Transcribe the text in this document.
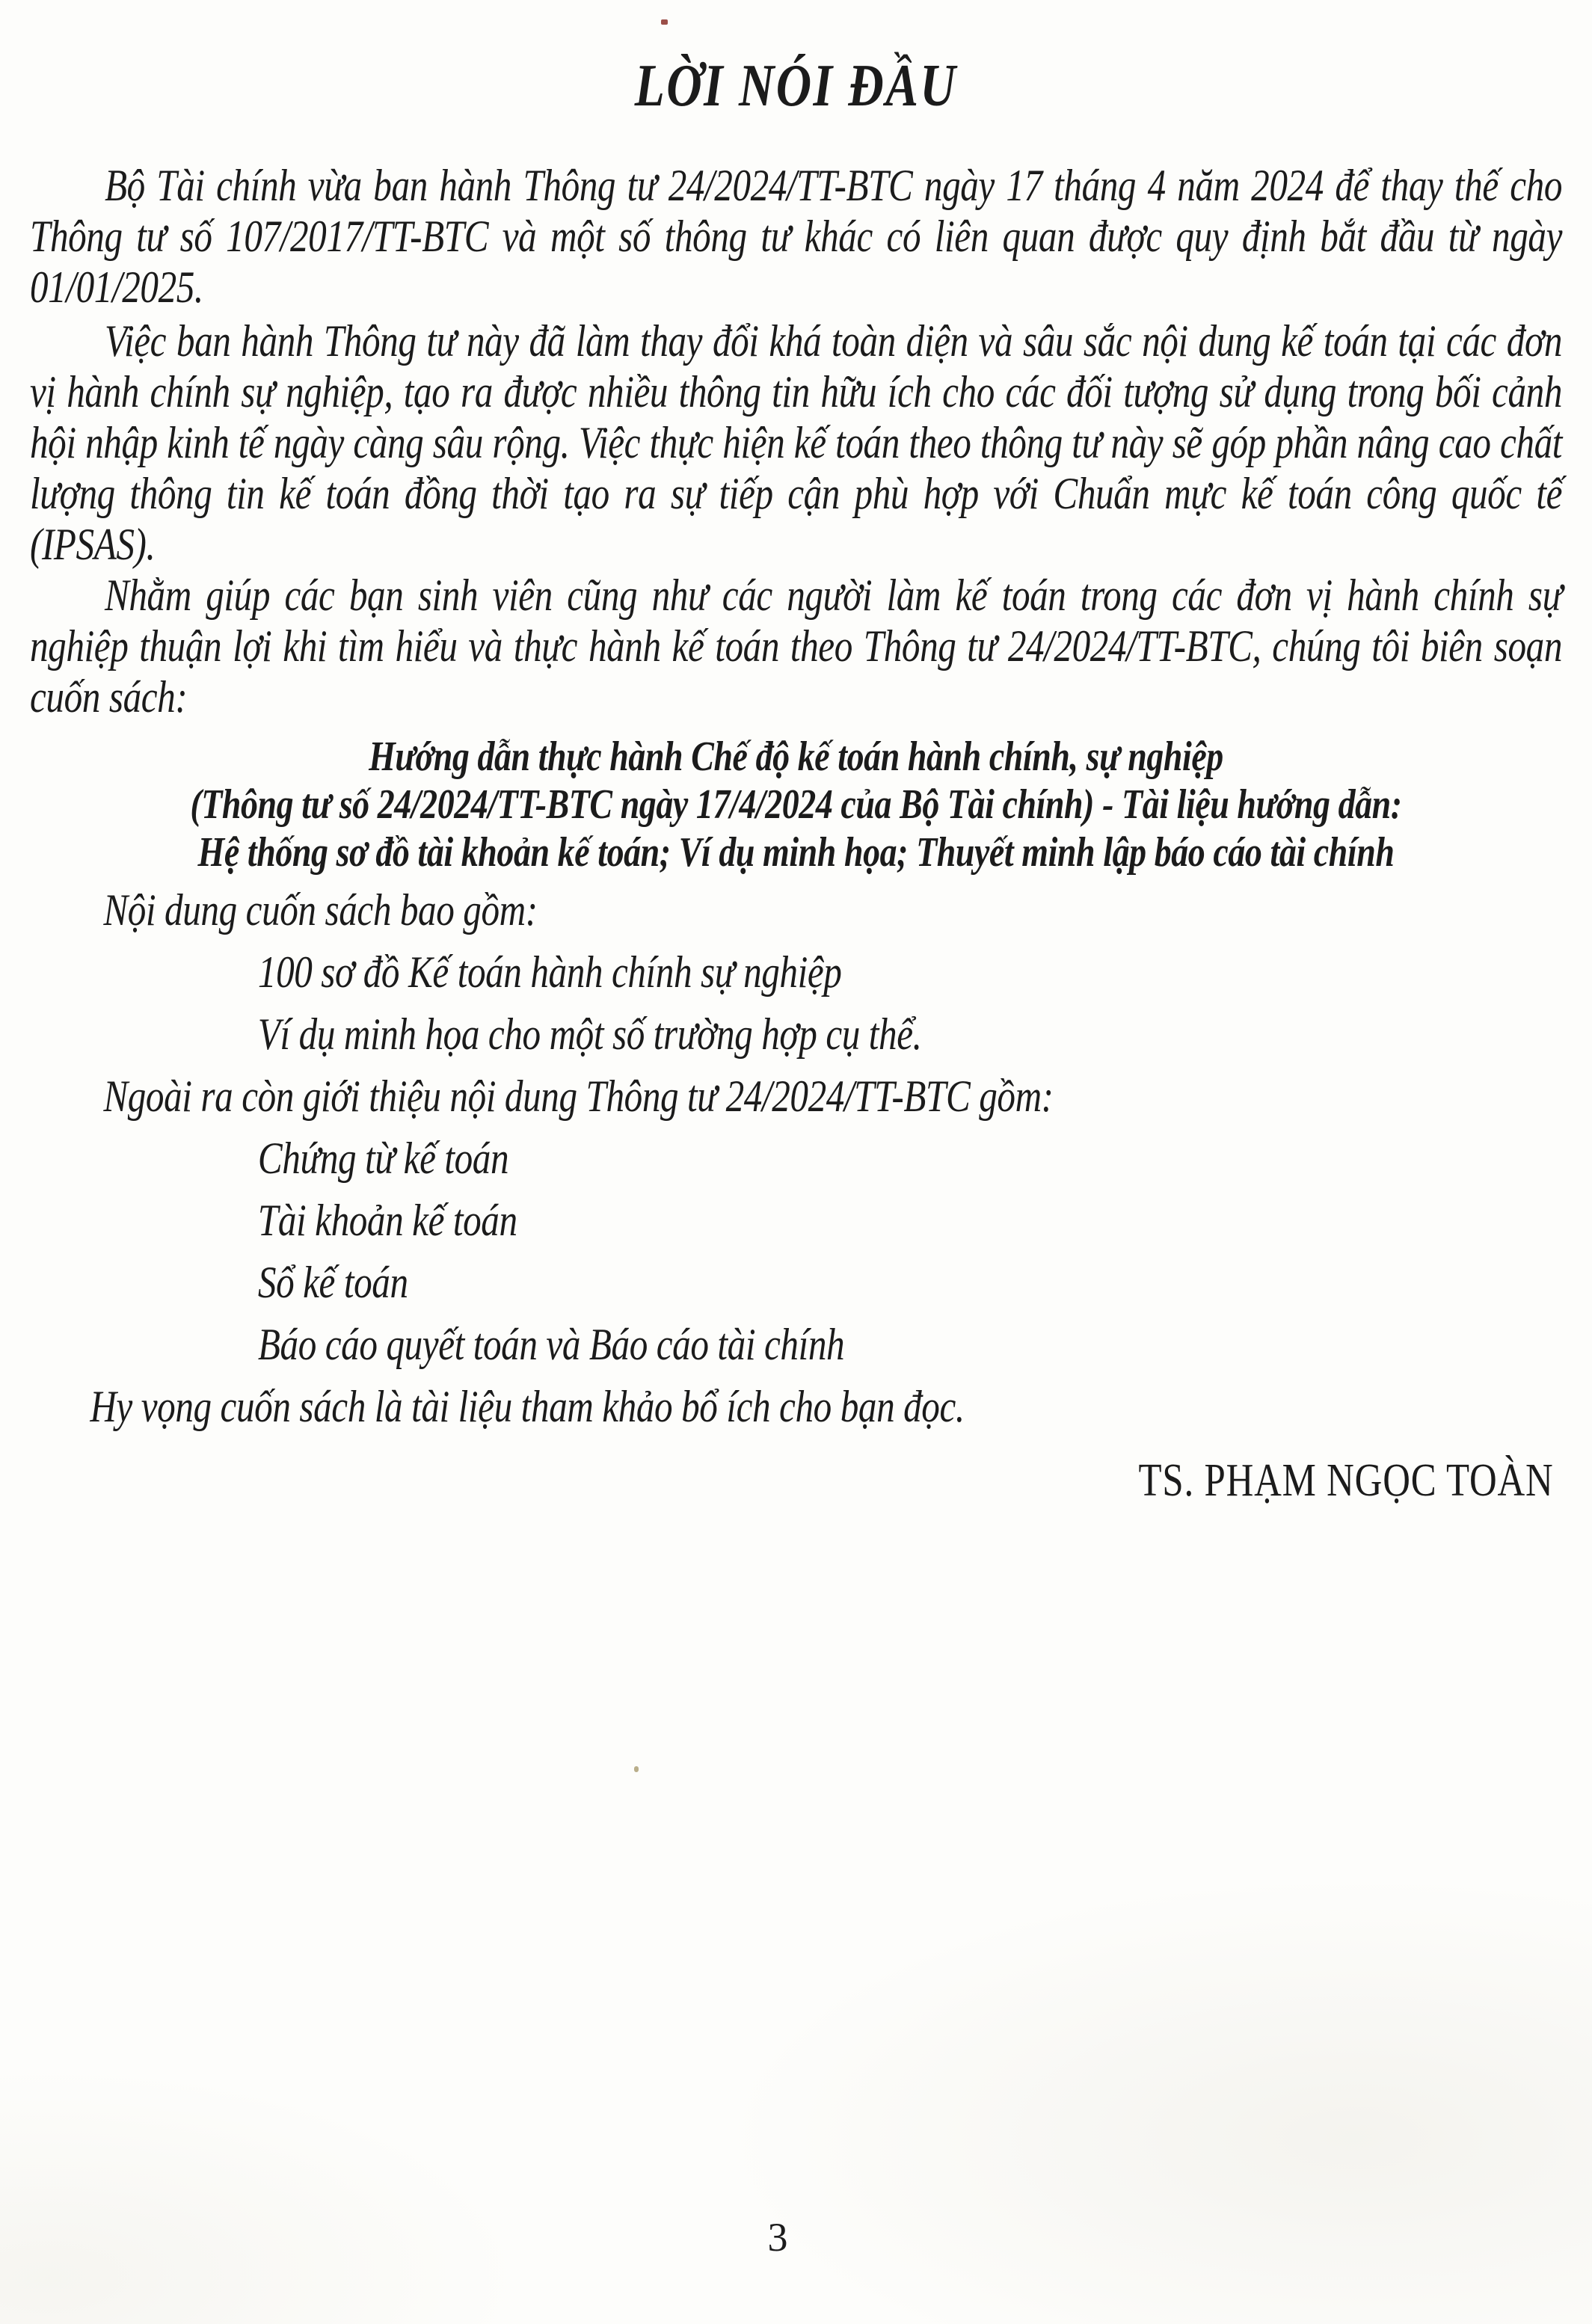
LỜI NÓI ĐẦU

Bộ Tài chính vừa ban hành Thông tư 24/2024/TT-BTC ngày 17 tháng 4 năm 2024 để thay thế cho Thông tư số 107/2017/TT-BTC và một số thông tư khác có liên quan được quy định bắt đầu từ ngày 01/01/2025.

Việc ban hành Thông tư này đã làm thay đổi khá toàn diện và sâu sắc nội dung kế toán tại các đơn vị hành chính sự nghiệp, tạo ra được nhiều thông tin hữu ích cho các đối tượng sử dụng trong bối cảnh hội nhập kinh tế ngày càng sâu rộng. Việc thực hiện kế toán theo thông tư này sẽ góp phần nâng cao chất lượng thông tin kế toán đồng thời tạo ra sự tiếp cận phù hợp với Chuẩn mực kế toán công quốc tế (IPSAS).

Nhằm giúp các bạn sinh viên cũng như các người làm kế toán trong các đơn vị hành chính sự nghiệp thuận lợi khi tìm hiểu và thực hành kế toán theo Thông tư 24/2024/TT-BTC, chúng tôi biên soạn cuốn sách:

Hướng dẫn thực hành Chế độ kế toán hành chính, sự nghiệp
(Thông tư số 24/2024/TT-BTC ngày 17/4/2024 của Bộ Tài chính) - Tài liệu hướng dẫn:
Hệ thống sơ đồ tài khoản kế toán; Ví dụ minh họa; Thuyết minh lập báo cáo tài chính
Nội dung cuốn sách bao gồm:
100 sơ đồ Kế toán hành chính sự nghiệp
Ví dụ minh họa cho một số trường hợp cụ thể.
Ngoài ra còn giới thiệu nội dung Thông tư 24/2024/TT-BTC gồm:
Chứng từ kế toán
Tài khoản kế toán
Sổ kế toán
Báo cáo quyết toán và Báo cáo tài chính
Hy vọng cuốn sách là tài liệu tham khảo bổ ích cho bạn đọc.
TS. PHẠM NGỌC TOÀN
3
